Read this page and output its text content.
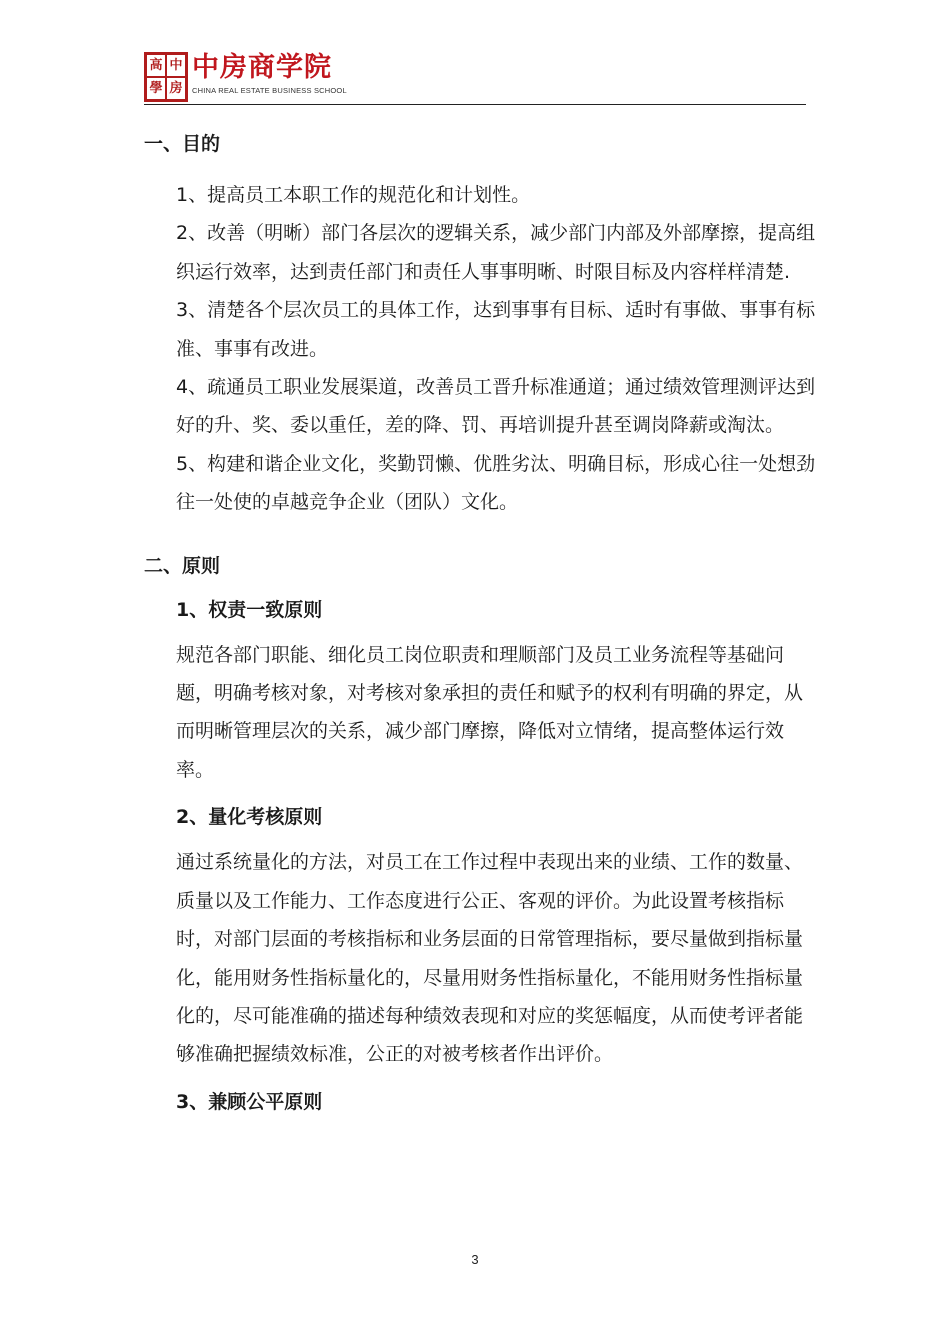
高 中
學 房
中房商学院
CHINA REAL ESTATE BUSINESS SCHOOL
一、目的
1、提高员工本职工作的规范化和计划性。
2、改善（明晰）部门各层次的逻辑关系，减少部门内部及外部摩擦，提高组织运行效率，达到责任部门和责任人事事明晰、时限目标及内容样样清楚.
3、清楚各个层次员工的具体工作，达到事事有目标、适时有事做、事事有标准、事事有改进。
4、疏通员工职业发展渠道，改善员工晋升标准通道；通过绩效管理测评达到好的升、奖、委以重任，差的降、罚、再培训提升甚至调岗降薪或淘汰。
5、构建和谐企业文化，奖勤罚懒、优胜劣汰、明确目标，形成心往一处想劲往一处使的卓越竞争企业（团队）文化。
二、原则
1、权责一致原则
规范各部门职能、细化员工岗位职责和理顺部门及员工业务流程等基础问题，明确考核对象，对考核对象承担的责任和赋予的权利有明确的界定，从而明晰管理层次的关系，减少部门摩擦，降低对立情绪，提高整体运行效率。
2、量化考核原则
通过系统量化的方法，对员工在工作过程中表现出来的业绩、工作的数量、质量以及工作能力、工作态度进行公正、客观的评价。为此设置考核指标时，对部门层面的考核指标和业务层面的日常管理指标，要尽量做到指标量化，能用财务性指标量化的，尽量用财务性指标量化，不能用财务性指标量化的，尽可能准确的描述每种绩效表现和对应的奖惩幅度，从而使考评者能够准确把握绩效标准，公正的对被考核者作出评价。
3、兼顾公平原则
3
